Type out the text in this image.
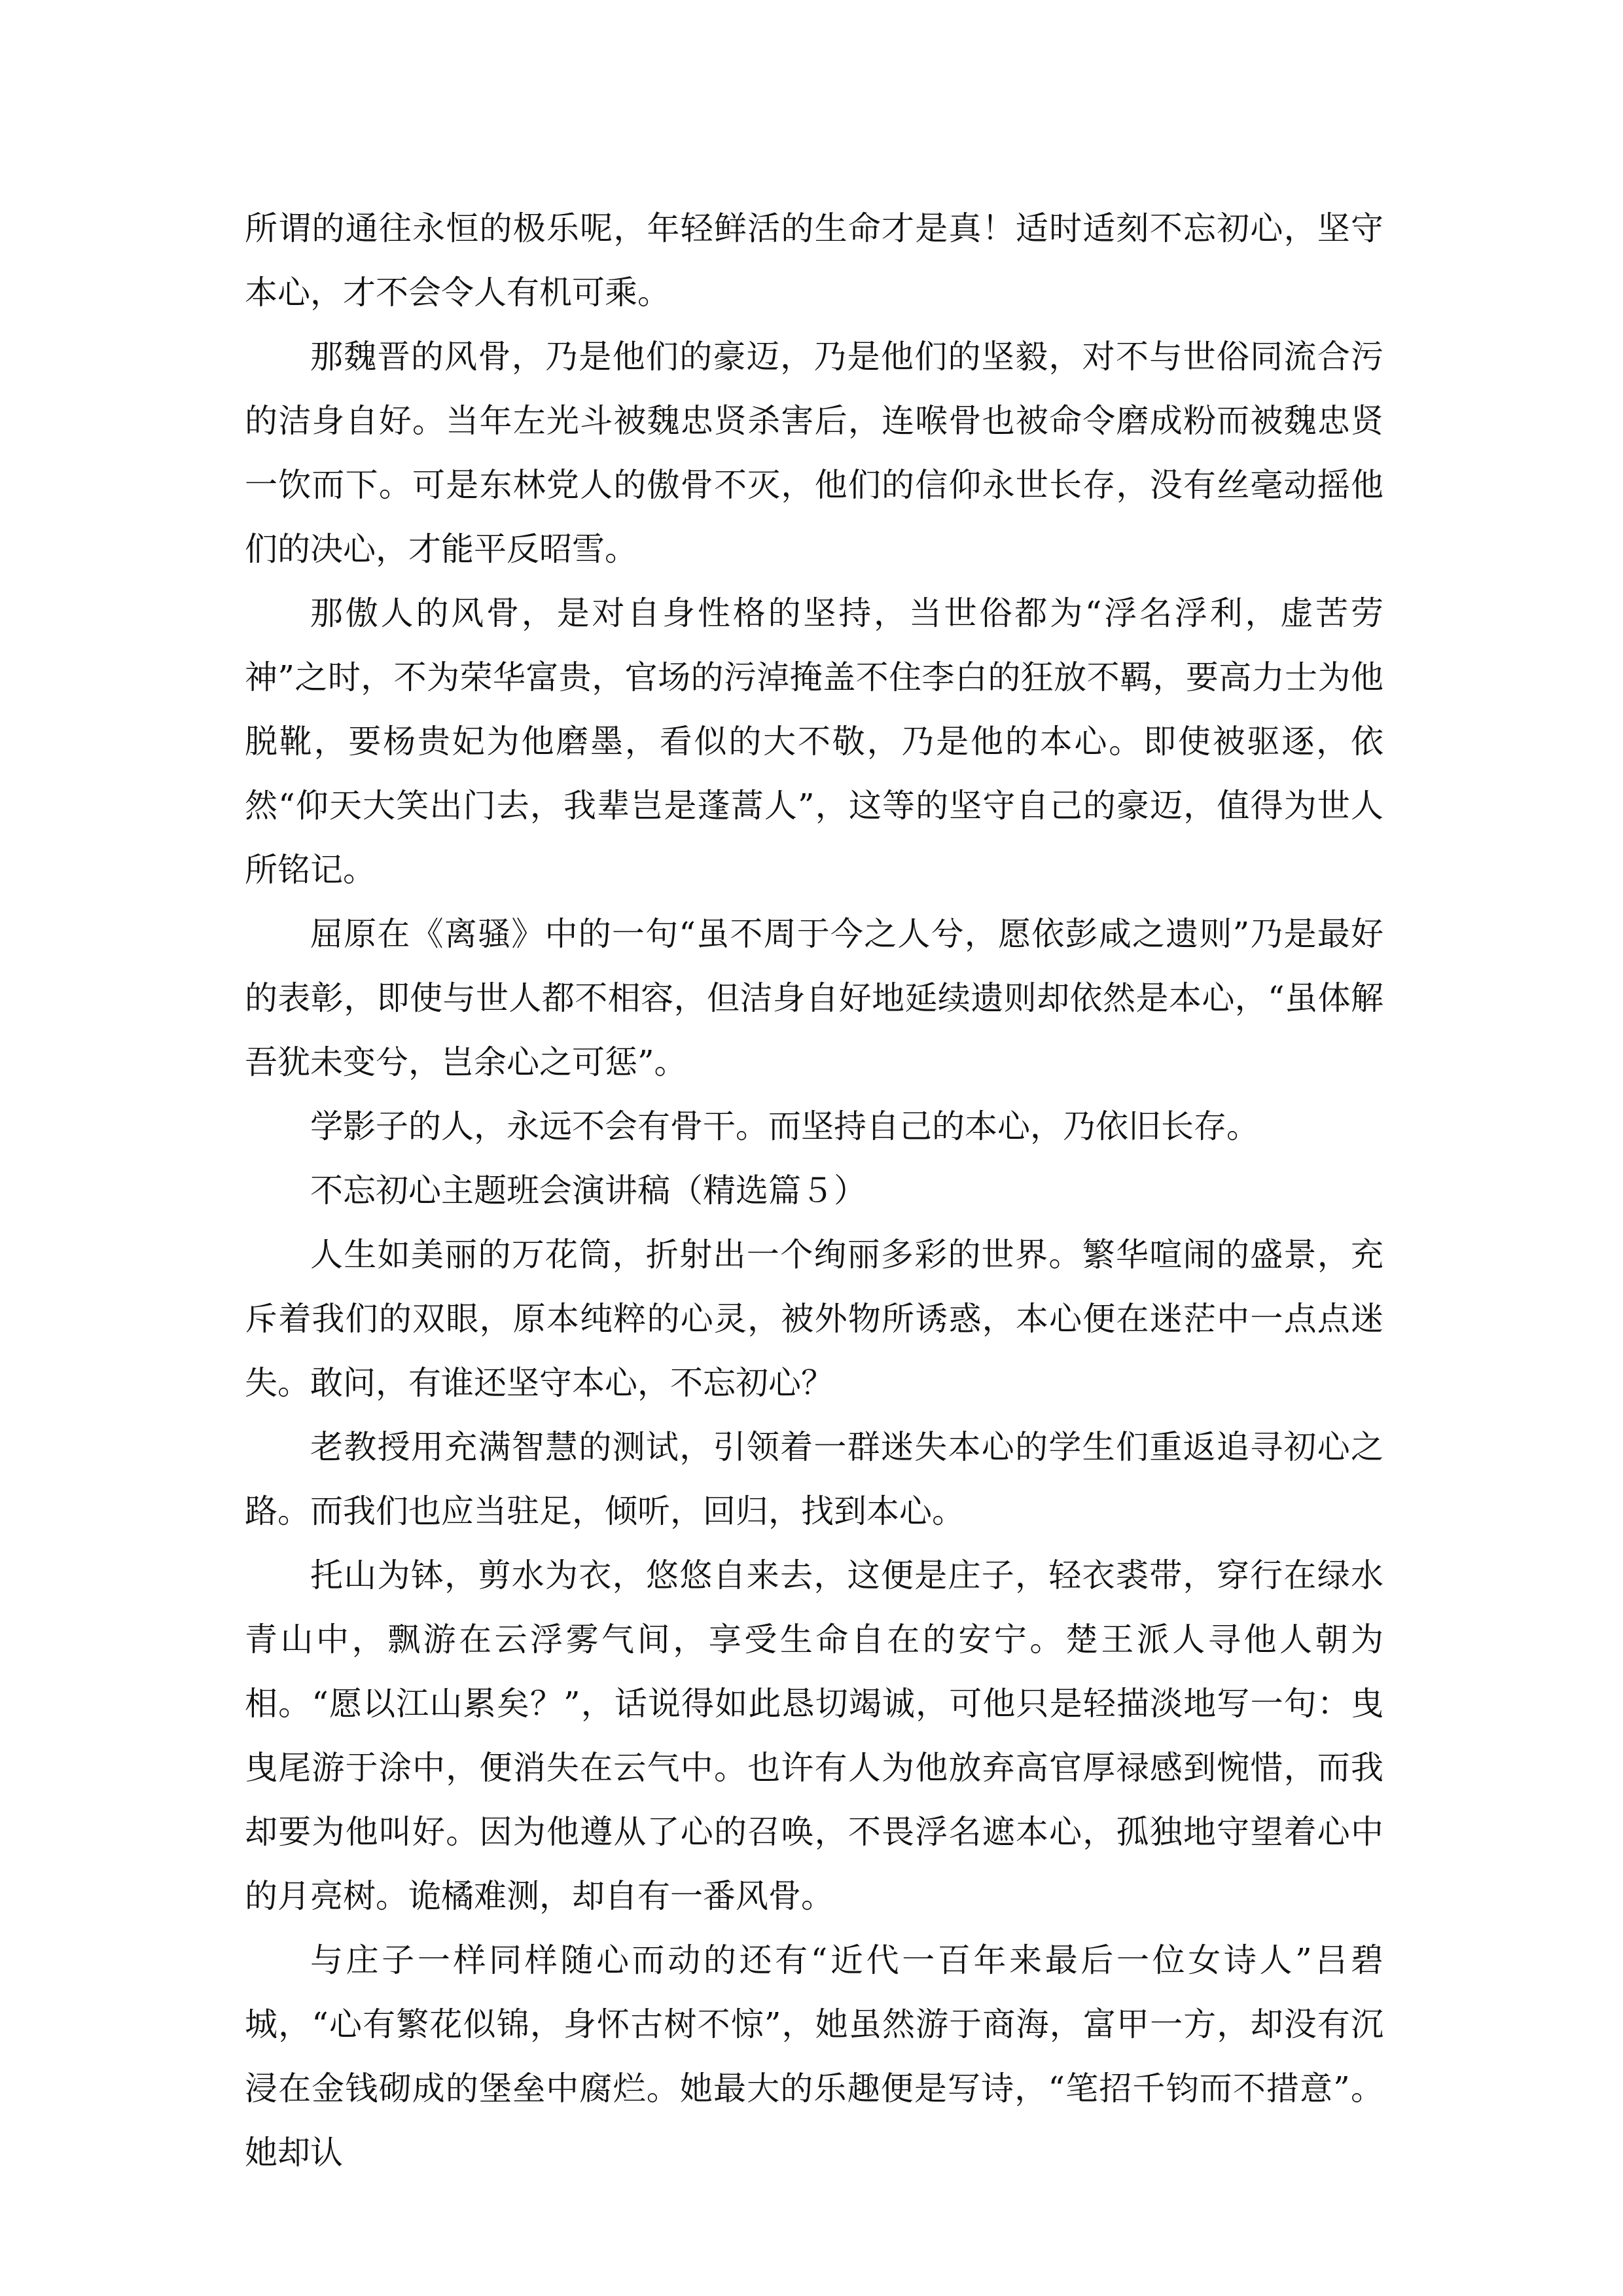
所谓的通往永恒的极乐呢，年轻鲜活的生命才是真！适时适刻不忘初心，坚守本心，才不会令人有机可乘。

那魏晋的风骨，乃是他们的豪迈，乃是他们的坚毅，对不与世俗同流合污的洁身自好。当年左光斗被魏忠贤杀害后，连喉骨也被命令磨成粉而被魏忠贤一饮而下。可是东林党人的傲骨不灭，他们的信仰永世长存，没有丝毫动摇他们的决心，才能平反昭雪。

那傲人的风骨，是对自身性格的坚持，当世俗都为“浮名浮利，虚苦劳神”之时，不为荣华富贵，官场的污淖掩盖不住李白的狂放不羁，要高力士为他脱靴，要杨贵妃为他磨墨，看似的大不敬，乃是他的本心。即使被驱逐，依然“仰天大笑出门去，我辈岂是蓬蒿人”，这等的坚守自己的豪迈，值得为世人所铭记。

屈原在《离骚》中的一句“虽不周于今之人兮，愿依彭咸之遗则”乃是最好的表彰，即使与世人都不相容，但洁身自好地延续遗则却依然是本心，“虽体解吾犹未变兮，岂余心之可惩”。

学影子的人，永远不会有骨干。而坚持自己的本心，乃依旧长存。

不忘初心主题班会演讲稿（精选篇５）

人生如美丽的万花筒，折射出一个绚丽多彩的世界。繁华喧闹的盛景，充斥着我们的双眼，原本纯粹的心灵，被外物所诱惑，本心便在迷茫中一点点迷失。敢问，有谁还坚守本心，不忘初心？

老教授用充满智慧的测试，引领着一群迷失本心的学生们重返追寻初心之路。而我们也应当驻足，倾听，回归，找到本心。

托山为钵，剪水为衣，悠悠自来去，这便是庄子，轻衣裘带，穿行在绿水青山中，飘游在云浮雾气间，享受生命自在的安宁。楚王派人寻他人朝为相。“愿以江山累矣？”，话说得如此恳切竭诚，可他只是轻描淡地写一句：曳曳尾游于涂中，便消失在云气中。也许有人为他放弃高官厚禄感到惋惜，而我却要为他叫好。因为他遵从了心的召唤，不畏浮名遮本心，孤独地守望着心中的月亮树。诡橘难测，却自有一番风骨。

与庄子一样同样随心而动的还有“近代一百年来最后一位女诗人”吕碧城，“心有繁花似锦，身怀古树不惊”，她虽然游于商海，富甲一方，却没有沉浸在金钱砌成的堡垒中腐烂。她最大的乐趣便是写诗，“笔招千钧而不措意”。她却认
